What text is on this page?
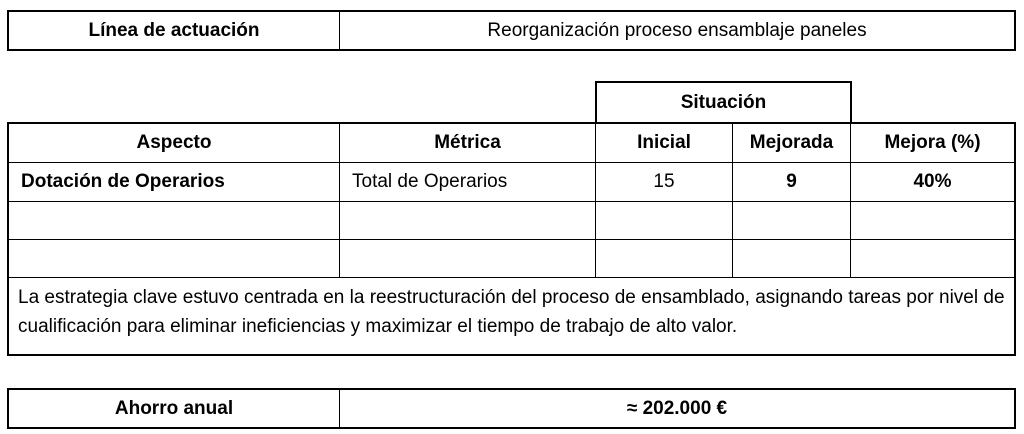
Línea de actuación	Reorganización proceso ensamblaje paneles
Situación
Aspecto	Métrica	Inicial	Mejorada	Mejora (%)
Dotación de Operarios	Total de Operarios	15	9	40%
La estrategia clave estuvo centrada en la reestructuración del proceso de ensamblado, asignando tareas por nivel de cualificación para eliminar ineficiencias y maximizar el tiempo de trabajo de alto valor.
Ahorro anual	≈ 202.000 €
